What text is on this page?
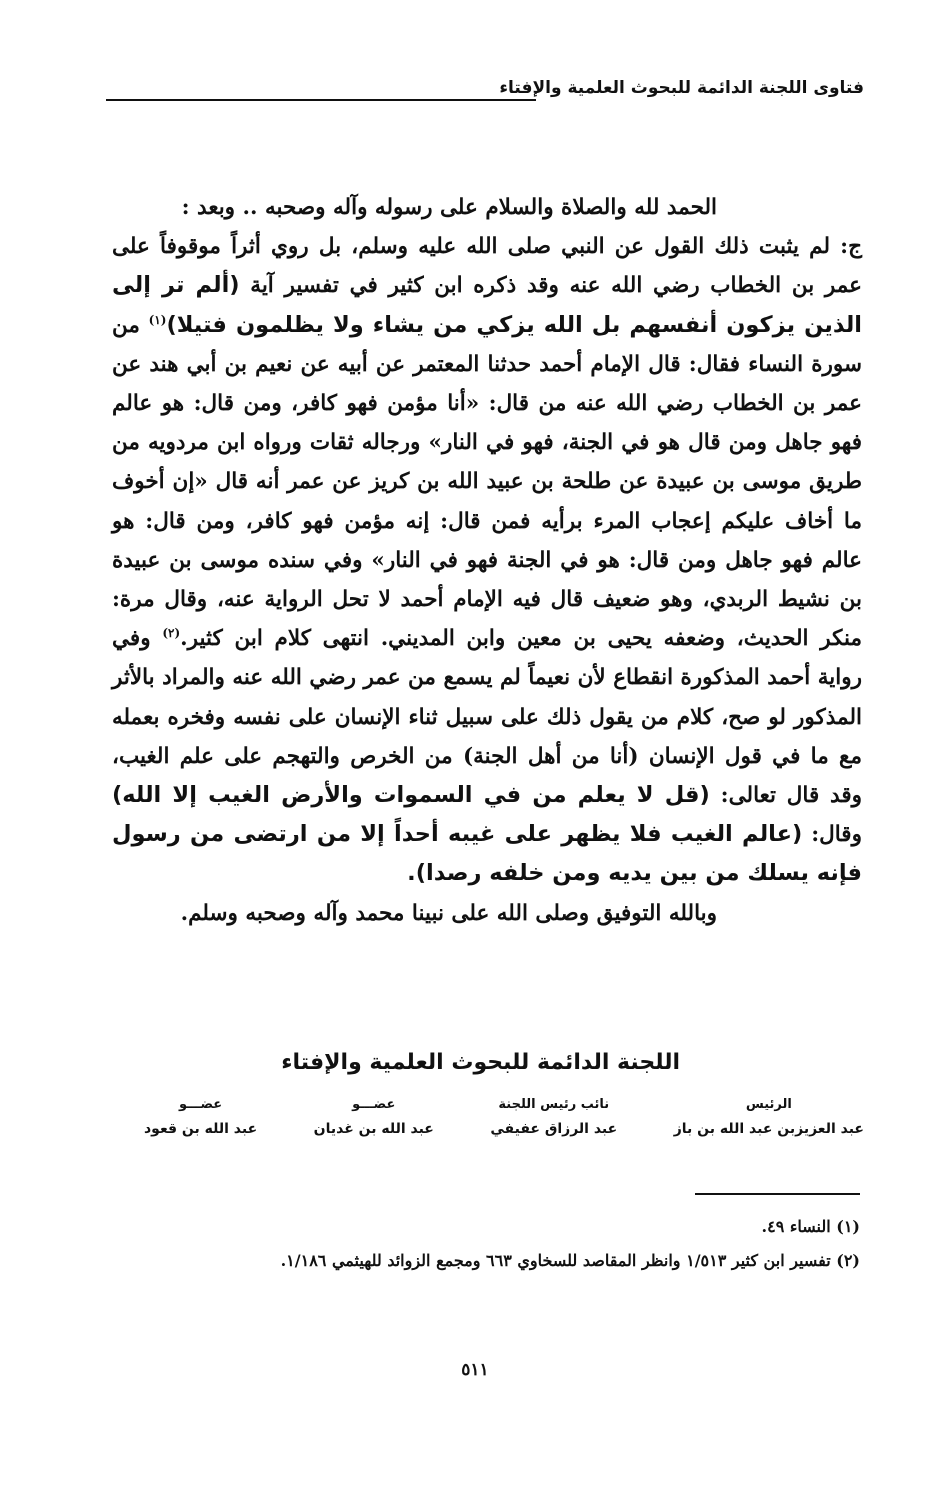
فتاوى اللجنة الدائمة للبحوث العلمية والإفتاء

الحمد لله والصلاة والسلام على رسوله وآله وصحبه .. وبعد :

ج: لم يثبت ذلك القول عن النبي صلى الله عليه وسلم، بل روي أثراً موقوفاً على عمر بن الخطاب رضي الله عنه وقد ذكره ابن كثير في تفسير آية (ألم تر إلى الذين يزكون أنفسهم بل الله يزكي من يشاء ولا يظلمون فتيلا)$^{(١)}$ من سورة النساء فقال: قال الإمام أحمد حدثنا المعتمر عن أبيه عن نعيم بن أبي هند عن عمر بن الخطاب رضي الله عنه من قال: «أنا مؤمن فهو كافر، ومن قال: هو عالم فهو جاهل ومن قال هو في الجنة، فهو في النار» ورجاله ثقات ورواه ابن مردويه من طريق موسى بن عبيدة عن طلحة بن عبيد الله بن كريز عن عمر أنه قال «إن أخوف ما أخاف عليكم إعجاب المرء برأيه فمن قال: إنه مؤمن فهو كافر، ومن قال: هو عالم فهو جاهل ومن قال: هو في الجنة فهو في النار» وفي سنده موسى بن عبيدة بن نشيط الربدي، وهو ضعيف قال فيه الإمام أحمد لا تحل الرواية عنه، وقال مرة: منكر الحديث، وضعفه يحيى بن معين وابن المديني. انتهى كلام ابن كثير.$^{(٢)}$ وفي رواية أحمد المذكورة انقطاع لأن نعيماً لم يسمع من عمر رضي الله عنه والمراد بالأثر المذكور لو صح، كلام من يقول ذلك على سبيل ثناء الإنسان على نفسه وفخره بعمله مع ما في قول الإنسان (أنا من أهل الجنة) من الخرص والتهجم على علم الغيب، وقد قال تعالى: (قل لا يعلم من في السموات والأرض الغيب إلا الله) وقال: (عالم الغيب فلا يظهر على غيبه أحداً إلا من ارتضى من رسول فإنه يسلك من بين يديه ومن خلفه رصدا).

وبالله التوفيق وصلى الله على نبينا محمد وآله وصحبه وسلم.

اللجنة الدائمة للبحوث العلمية والإفتاء
الرئيس
عبد العزيزبن عبد الله بن باز
نائب رئيس اللجنة
عبد الرزاق عفيفي
عضـــو
عبد الله بن غديان
عضـــو
عبد الله بن قعود

(١) النساء ٤٩.

(٢) تفسير ابن كثير ١/٥١٣ وانظر المقاصد للسخاوي ٦٦٣ ومجمع الزوائد للهيثمي ١/١٨٦.

٥١١
